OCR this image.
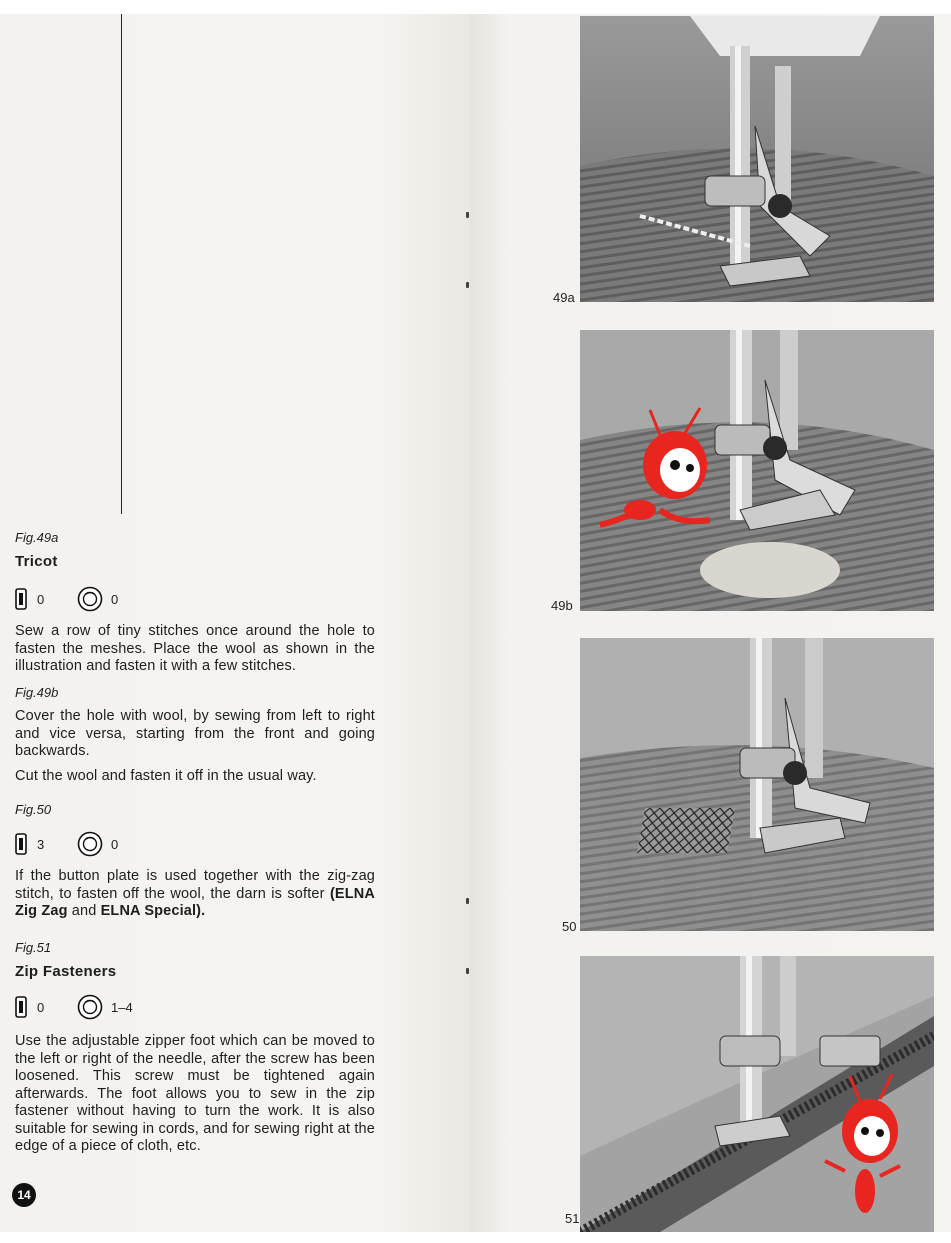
Fig.49a
Tricot
0	0
Sew a row of tiny stitches once around the hole to fasten the meshes. Place the wool as shown in the illustration and fasten it with a few stitches.
Fig.49b
Cover the hole with wool, by sewing from left to right and vice versa, starting from the front and going backwards.
Cut the wool and fasten it off in the usual way.
Fig.50
3	0
If the button plate is used together with the zig-zag stitch, to fasten off the wool, the darn is softer (ELNA Zig Zag and ELNA Special).
Fig.51
Zip Fasteners
0	1–4
Use the adjustable zipper foot which can be moved to the left or right of the needle, after the screw has been loosened. This screw must be tightened again afterwards. The foot allows you to sew in the zip fastener without having to turn the work. It is also suitable for sewing in cords, and for sewing right at the edge of a piece of cloth, etc.
14
49a
49b
50
51
